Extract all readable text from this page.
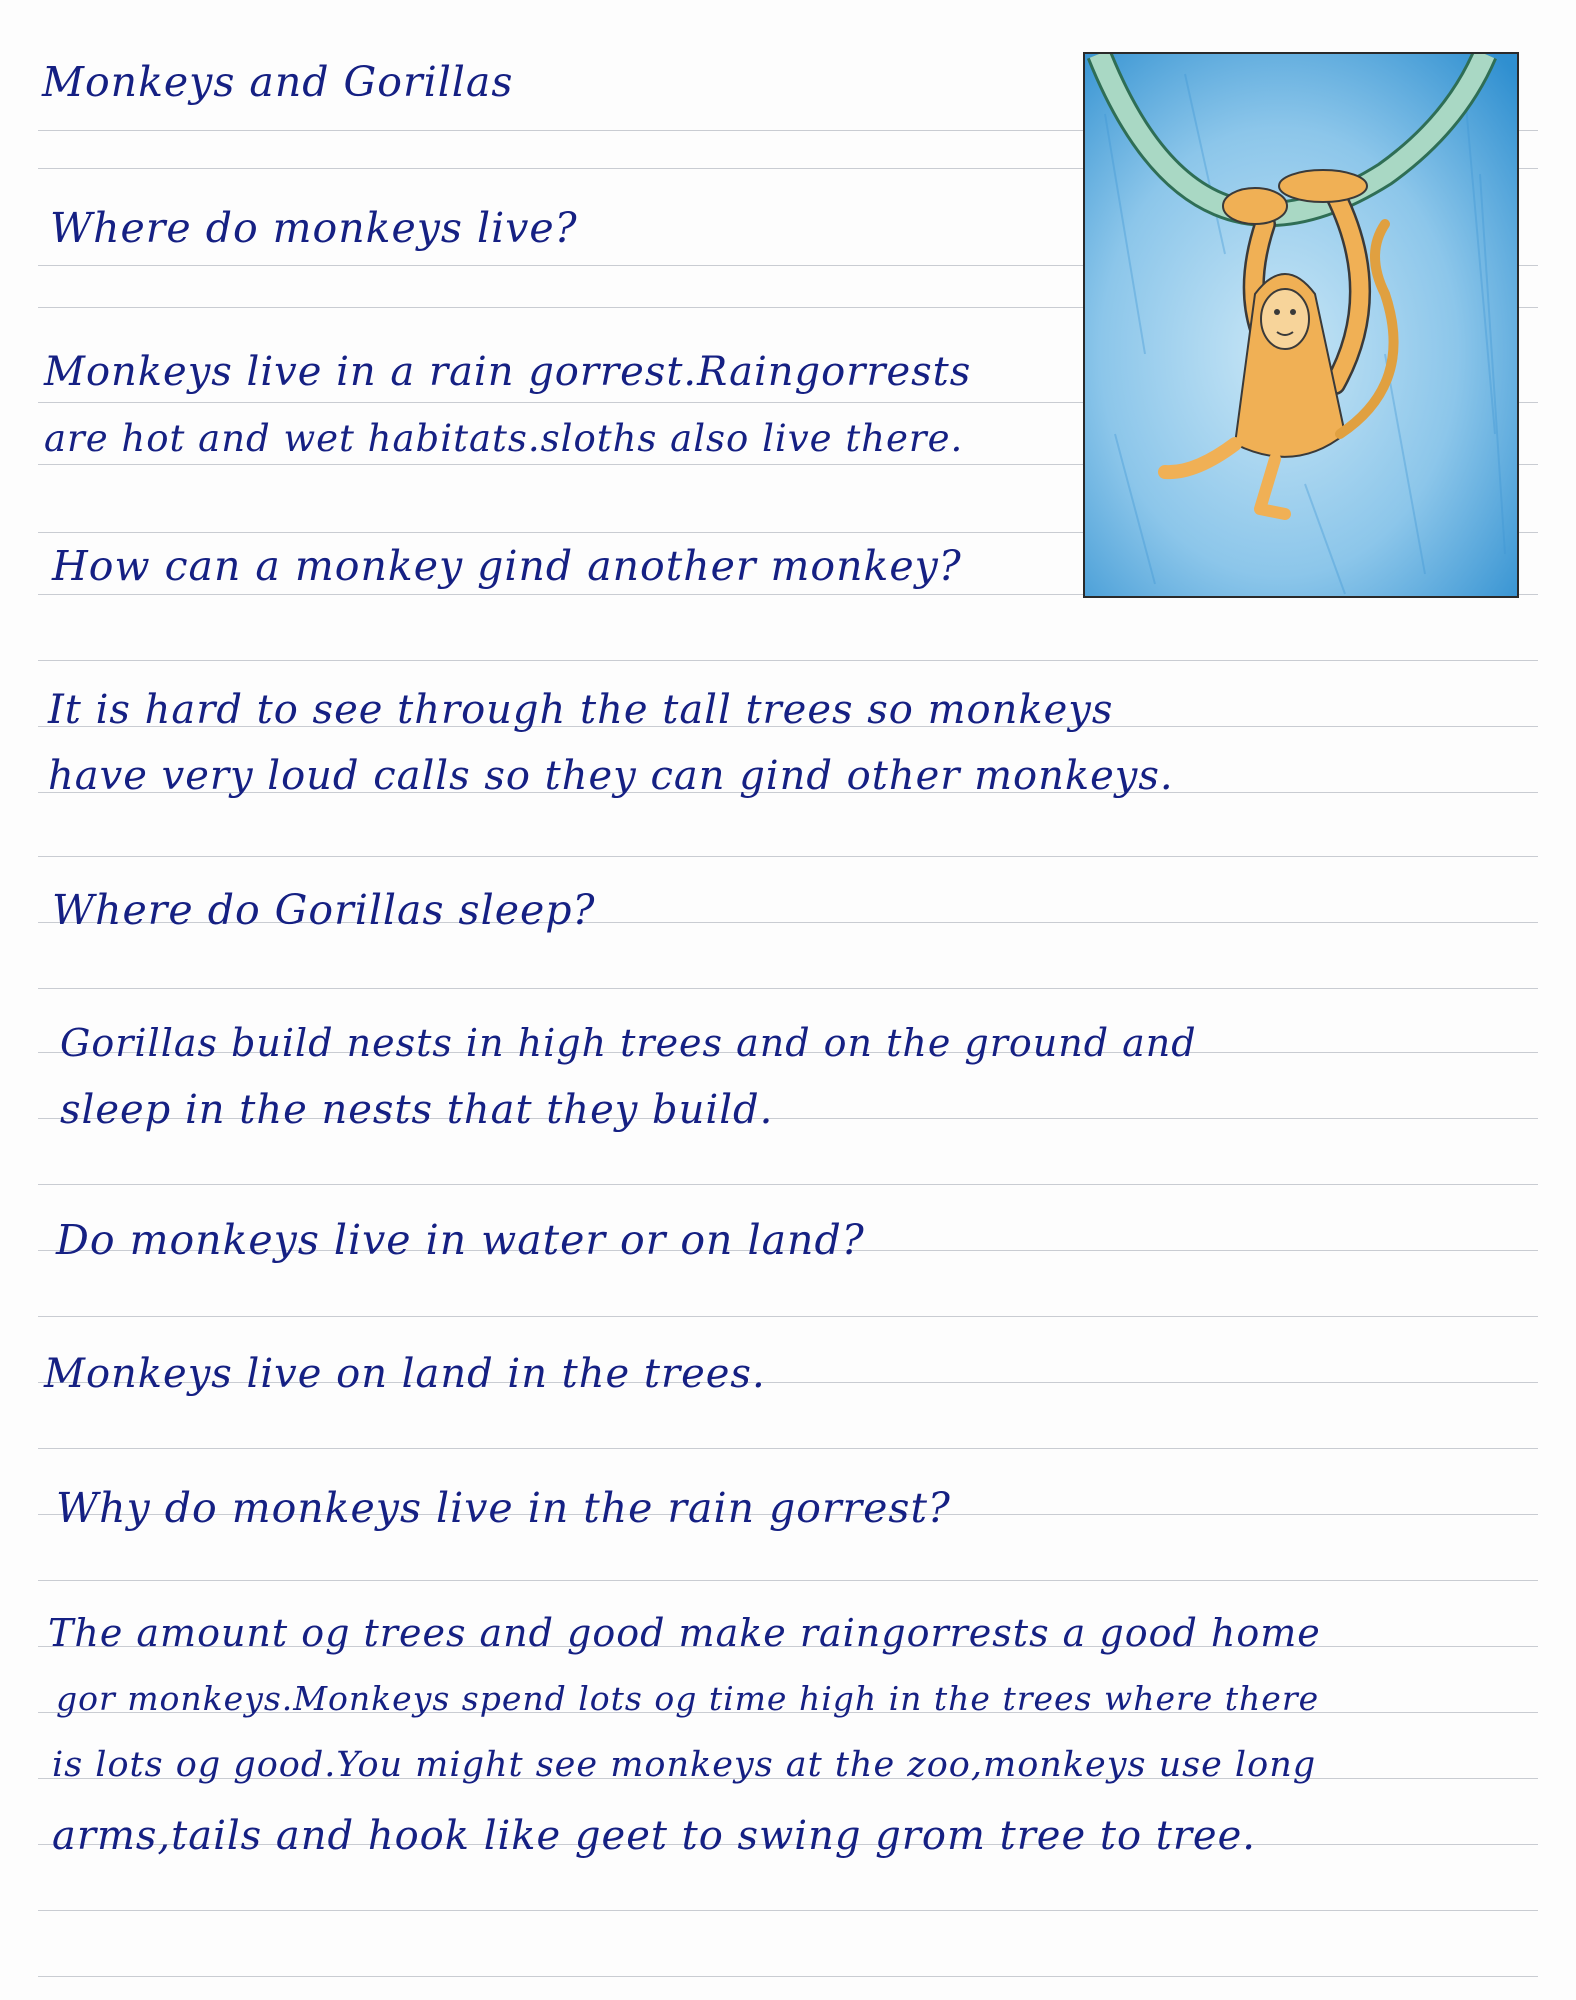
Monkeys and Gorillas
Where do monkeys live?
Monkeys live in a rain gorrest.Raingorrests
are hot and wet habitats.sloths also live there.
How can a monkey gind another monkey?
It is hard to see through the tall trees so monkeys
have very loud calls so they can gind other monkeys.
Where do Gorillas sleep?
Gorillas build nests in high trees and on the ground and
sleep in the nests that they build.
Do monkeys live in water or on land?
Monkeys live on land in the trees.
Why do monkeys live in the rain gorrest?
The amount og trees and good make raingorrests a good home
gor monkeys.Monkeys spend lots og time high in the trees where there
is lots og good.You might see monkeys at the zoo,monkeys use long
arms,tails and hook like geet to swing grom tree to tree.
